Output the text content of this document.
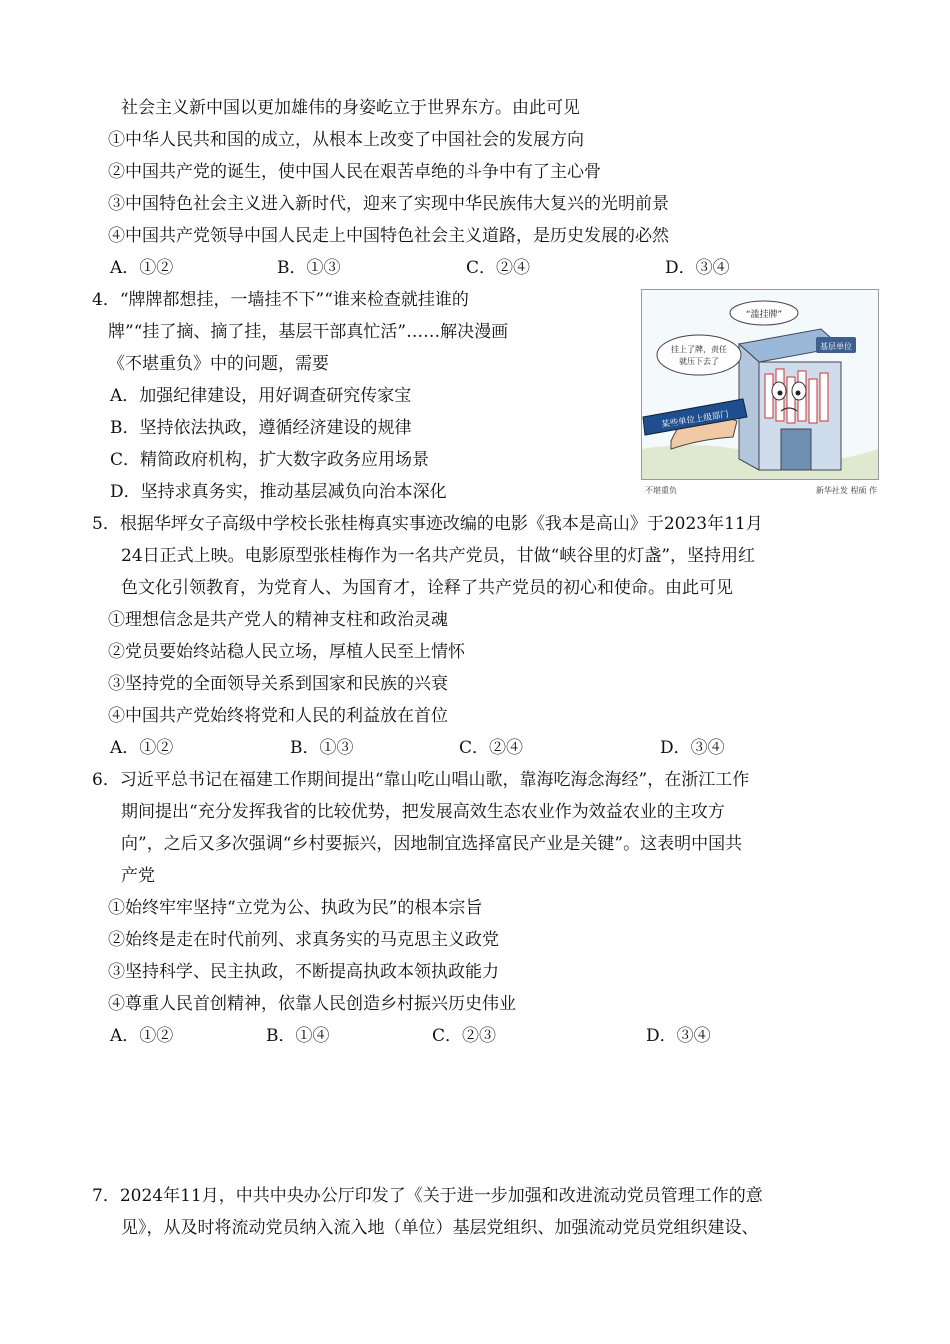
社会主义新中国以更加雄伟的身姿屹立于世界东方。由此可见
①中华人民共和国的成立，从根本上改变了中国社会的发展方向
②中国共产党的诞生，使中国人民在艰苦卓绝的斗争中有了主心骨
③中国特色社会主义进入新时代，迎来了实现中华民族伟大复兴的光明前景
④中国共产党领导中国人民走上中国特色社会主义道路，是历史发展的必然
A．①②	B．①③	C．②④	D．③④
4．“牌牌都想挂，一墙挂不下”“谁来检查就挂谁的
牌”“挂了摘、摘了挂，基层干部真忙活”……解决漫画
《不堪重负》中的问题，需要
A．加强纪律建设，用好调查研究传家宝
B．坚持依法执政，遵循经济建设的规律
C．精简政府机构，扩大数字政务应用场景
D．坚持求真务实，推动基层减负向治本深化
基层单位
“滥挂牌”
挂上了牌，责任
就压下去了
某些单位上级部门
不堪重负	新华社发 程硕 作
5．根据华坪女子高级中学校长张桂梅真实事迹改编的电影《我本是高山》于2023年11月
24日正式上映。电影原型张桂梅作为一名共产党员，甘做“峡谷里的灯盏”，坚持用红
色文化引领教育，为党育人、为国育才，诠释了共产党员的初心和使命。由此可见
①理想信念是共产党人的精神支柱和政治灵魂
②党员要始终站稳人民立场，厚植人民至上情怀
③坚持党的全面领导关系到国家和民族的兴衰
④中国共产党始终将党和人民的利益放在首位
A．①②	B．①③	C．②④	D．③④
6．习近平总书记在福建工作期间提出“靠山吃山唱山歌，靠海吃海念海经”，在浙江工作
期间提出“充分发挥我省的比较优势，把发展高效生态农业作为效益农业的主攻方
向”，之后又多次强调“乡村要振兴，因地制宜选择富民产业是关键”。这表明中国共
产党
①始终牢牢坚持“立党为公、执政为民”的根本宗旨
②始终是走在时代前列、求真务实的马克思主义政党
③坚持科学、民主执政，不断提高执政本领执政能力
④尊重人民首创精神，依靠人民创造乡村振兴历史伟业
A．①②	B．①④	C．②③	D．③④
7．2024年11月，中共中央办公厅印发了《关于进一步加强和改进流动党员管理工作的意
见》，从及时将流动党员纳入流入地（单位）基层党组织、加强流动党员党组织建设、
